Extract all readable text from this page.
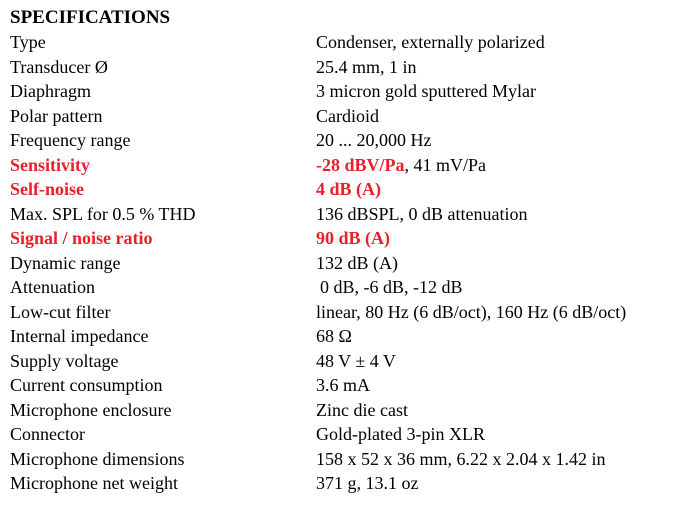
SPECIFICATIONS
Type	Condenser, externally polarized
Transducer Ø	25.4 mm, 1 in
Diaphragm	3 micron gold sputtered Mylar
Polar pattern	Cardioid
Frequency range	20 ... 20,000 Hz
Sensitivity	-28 dBV/Pa, 41 mV/Pa
Self-noise	4 dB (A)
Max. SPL for 0.5 % THD	136 dBSPL, 0 dB attenuation
Signal / noise ratio	90 dB (A)
Dynamic range	132 dB (A)
Attenuation	0 dB, -6 dB, -12 dB
Low-cut filter	linear, 80 Hz (6 dB/oct), 160 Hz (6 dB/oct)
Internal impedance	68 Ω
Supply voltage	48 V ± 4 V
Current consumption	3.6 mA
Microphone enclosure	Zinc die cast
Connector	Gold-plated 3-pin XLR
Microphone dimensions	158 x 52 x 36 mm, 6.22 x 2.04 x 1.42 in
Microphone net weight	371 g, 13.1 oz
